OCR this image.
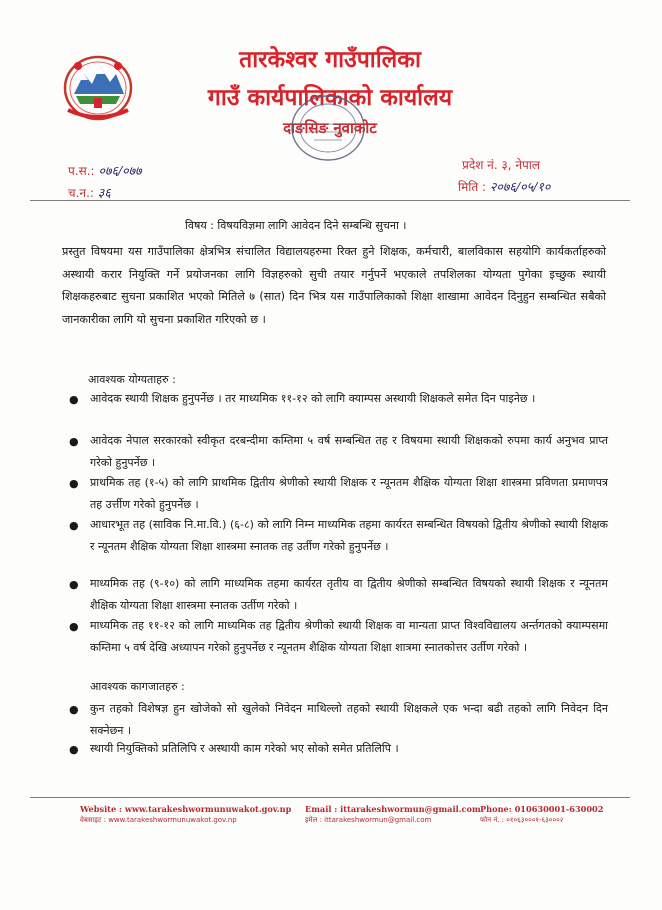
तारकेश्वर गाउँपालिका
गाउँ कार्यपालिकाको कार्यालय
दाङसिङ नुवाकोट
प.स.: ०७६/०७७
च.न.: ३६
प्रदेश नं. ३, नेपाल
मिति : २०७६/०५/१०
विषय : विषयविज्ञमा लागि आवेदन दिने सम्बन्धि सुचना ।

प्रस्तुत विषयमा यस गाउँपालिका क्षेत्रभित्र संचालित विद्यालयहरुमा रिक्त हुने शिक्षक, कर्मचारी, बालविकास सहयोगि कार्यकर्ताहरुको अस्थायी करार नियुक्ति गर्ने प्रयोजनका लागि विज्ञहरुको सुची तयार गर्नुपर्ने भएकाले तपशिलका योग्यता पुगेका इच्छुक स्थायी शिक्षकहरुबाट सुचना प्रकाशित भएको मितिले ७ (सात) दिन भित्र यस गाउँपालिकाको शिक्षा शाखामा आवेदन दिनुहुन सम्बन्धित सबैको जानकारीका लागि यो सुचना प्रकाशित गरिएको छ ।

आवश्यक योग्यताहरु :
● आवेदक स्थायी शिक्षक हुनुपर्नेछ । तर माध्यमिक ११-१२ को लागि क्याम्पस अस्थायी शिक्षकले समेत दिन पाइनेछ ।

● आवेदक नेपाल सरकारको स्वीकृत दरबन्दीमा कम्तिमा ५ वर्ष सम्बन्धित तह र विषयमा स्थायी शिक्षकको रुपमा कार्य अनुभव प्राप्त गरेको हुनुपर्नेछ ।

● प्राथमिक तह (१-५) को लागि प्राथमिक द्वितीय श्रेणीको स्थायी शिक्षक र न्यूनतम शैक्षिक योग्यता शिक्षा शास्त्रमा प्रविणता प्रमाणपत्र तह उर्त्तीण गरेको हुनुपर्नेछ ।

● आधारभूत तह (साविक नि.मा.वि.) (६-८) को लागि निम्न माध्यमिक तहमा कार्यरत सम्बन्धित विषयको द्वितीय श्रेणीको स्थायी शिक्षक र न्यूनतम शैक्षिक योग्यता शिक्षा शास्त्रमा स्नातक तह उर्तीण गरेको हुनुपर्नेछ ।

● माध्यमिक तह (९-१०) को लागि माध्यमिक तहमा कार्यरत तृतीय वा द्वितीय श्रेणीको सम्बन्धित विषयको स्थायी शिक्षक र न्यूनतम शैक्षिक योग्यता शिक्षा शास्त्रमा स्नातक उर्तीण गरेको ।

● माध्यमिक तह ११-१२ को लागि माध्यमिक तह द्वितीय श्रेणीको स्थायी शिक्षक वा मान्यता प्राप्त विश्वविद्यालय अर्न्तगतको क्याम्पसमा कम्तिमा ५ वर्ष देखि अध्यापन गरेको हुनुपर्नेछ र न्यूनतम शैक्षिक योग्यता शिक्षा शात्रमा स्नातकोत्तर उर्तीण गरेको ।

आवश्यक कागजातहरु :
● कुन तहको विशेषज्ञ हुन खोजेको सो खुलेको निवेदन माथिल्लो तहको स्थायी शिक्षकले एक भन्दा बढी तहको लागि निवेदन दिन सक्नेछन ।

● स्थायी नियुक्तिको प्रतिलिपि र अस्थायी काम गरेको भए सोको समेत प्रतिलिपि ।

Website : www.tarakeshwormunuwakot.gov.np
वेबसाइट : www.tarakeshwormunuwakot.gov.np
Email : ittarakeshwormun@gmail.com
इमेल : ittarakeshwormun@gmail.com
Phone: 010630001-630002
फोन नं. : ०१०६३०००१-६३०००२
